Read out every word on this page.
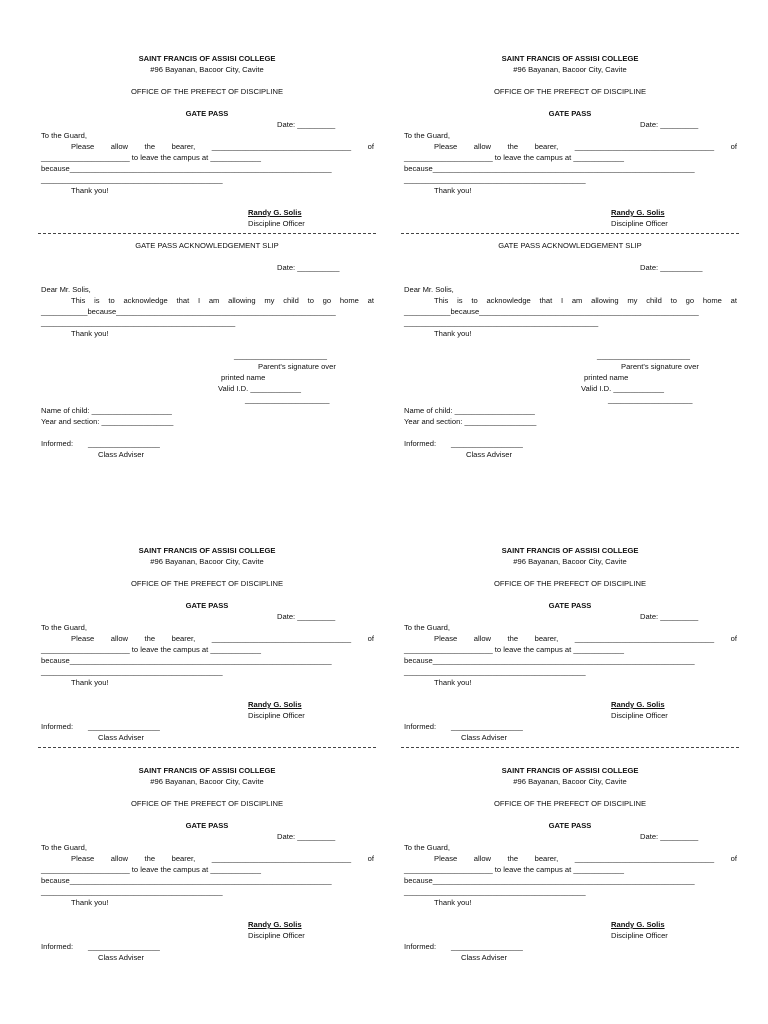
SAINT FRANCIS OF ASSISI COLLEGE
#96 Bayanan, Bacoor City, Cavite
OFFICE OF THE PREFECT OF DISCIPLINE
GATE PASS
Date: _________
To the Guard,
Please allow the bearer, _________________________________ of
_____________________ to leave the campus at ____________
because______________________________________________________________
___________________________________________
Thank you!
Randy G. Solis
Discipline Officer
GATE PASS ACKNOWLEDGEMENT SLIP
Date: __________
Dear Mr. Solis,
This is to acknowledge that I am allowing my child to go home at
___________because____________________________________________________
______________________________________________
Thank you!
______________________
Parent's signature over
printed name
Valid I.D. ____________
____________________
Name of child: ___________________
Year and section: _________________
Informed: _________________
Class Adviser
SAINT FRANCIS OF ASSISI COLLEGE
#96 Bayanan, Bacoor City, Cavite
OFFICE OF THE PREFECT OF DISCIPLINE
GATE PASS
Date: _________
To the Guard,
Please allow the bearer, _________________________________ of
_____________________ to leave the campus at ____________
because______________________________________________________________
___________________________________________
Thank you!
Randy G. Solis
Discipline Officer
GATE PASS ACKNOWLEDGEMENT SLIP
Date: __________
Dear Mr. Solis,
This is to acknowledge that I am allowing my child to go home at
___________because____________________________________________________
______________________________________________
Thank you!
______________________
Parent's signature over
printed name
Valid I.D. ____________
____________________
Name of child: ___________________
Year and section: _________________
Informed: _________________
Class Adviser
SAINT FRANCIS OF ASSISI COLLEGE
#96 Bayanan, Bacoor City, Cavite
OFFICE OF THE PREFECT OF DISCIPLINE
GATE PASS
Date: _________
To the Guard,
Please allow the bearer, _________________________________ of
_____________________ to leave the campus at ____________
because______________________________________________________________
___________________________________________
Thank you!
Randy G. Solis
Discipline Officer
Informed: _________________
Class Adviser
SAINT FRANCIS OF ASSISI COLLEGE
#96 Bayanan, Bacoor City, Cavite
OFFICE OF THE PREFECT OF DISCIPLINE
GATE PASS
Date: _________
To the Guard,
Please allow the bearer, _________________________________ of
_____________________ to leave the campus at ____________
because______________________________________________________________
___________________________________________
Thank you!
Randy G. Solis
Discipline Officer
Informed: _________________
Class Adviser
SAINT FRANCIS OF ASSISI COLLEGE
#96 Bayanan, Bacoor City, Cavite
OFFICE OF THE PREFECT OF DISCIPLINE
GATE PASS
Date: _________
To the Guard,
Please allow the bearer, _________________________________ of
_____________________ to leave the campus at ____________
because______________________________________________________________
___________________________________________
Thank you!
Randy G. Solis
Discipline Officer
Informed: _________________
Class Adviser
SAINT FRANCIS OF ASSISI COLLEGE
#96 Bayanan, Bacoor City, Cavite
OFFICE OF THE PREFECT OF DISCIPLINE
GATE PASS
Date: _________
To the Guard,
Please allow the bearer, _________________________________ of
_____________________ to leave the campus at ____________
because______________________________________________________________
___________________________________________
Thank you!
Randy G. Solis
Discipline Officer
Informed: _________________
Class Adviser
